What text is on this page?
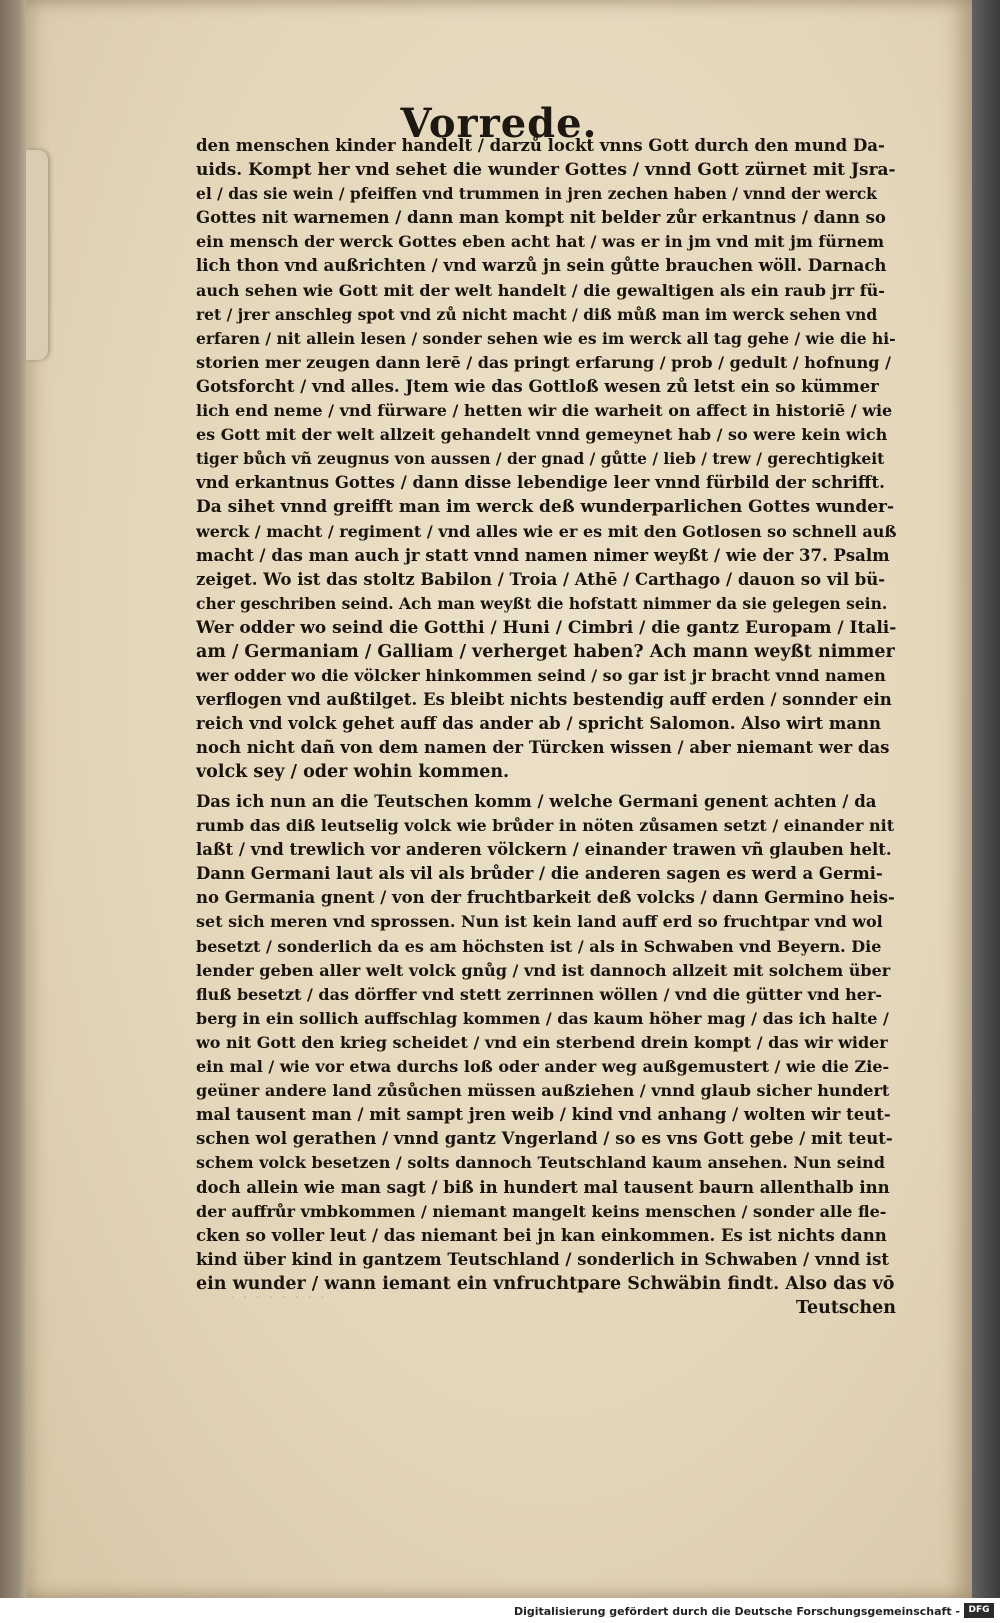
Vorrede.
den menschen kinder handelt / darzů lockt vnns Gott durch den mund Da-
uids. Kompt her vnd sehet die wunder Gottes / vnnd Gott zürnet mit Jsra-
el / das sie wein / pfeiffen vnd trummen in jren zechen haben / vnnd der werck
Gottes nit warnemen / dann man kompt nit belder zůr erkantnus / dann so
ein mensch der werck Gottes eben acht hat / was er in jm vnd mit jm fürnem
lich thon vnd außrichten / vnd warzů jn sein gůtte brauchen wöll. Darnach
auch sehen wie Gott mit der welt handelt / die gewaltigen als ein raub jrr fü-
ret / jrer anschleg spot vnd zů nicht macht / diß můß man im werck sehen vnd
erfaren / nit allein lesen / sonder sehen wie es im werck all tag gehe / wie die hi-
storien mer zeugen dann lerē / das pringt erfarung / prob / gedult / hofnung /
Gotsforcht / vnd alles. Jtem wie das Gottloß wesen zů letst ein so kümmer
lich end neme / vnd fürware / hetten wir die warheit on affect in historiē / wie
es Gott mit der welt allzeit gehandelt vnnd gemeynet hab / so were kein wich
tiger bůch vñ zeugnus von aussen / der gnad / gůtte / lieb / trew / gerechtigkeit
vnd erkantnus Gottes / dann disse lebendige leer vnnd fürbild der schrifft.
Da sihet vnnd greifft man im werck deß wunderparlichen Gottes wunder-
werck / macht / regiment / vnd alles wie er es mit den Gotlosen so schnell auß
macht / das man auch jr statt vnnd namen nimer weyßt / wie der 37. Psalm
zeiget. Wo ist das stoltz Babilon / Troia / Athē / Carthago / dauon so vil bü-
cher geschriben seind. Ach man weyßt die hofstatt nimmer da sie gelegen sein.
Wer odder wo seind die Gotthi / Huni / Cimbri / die gantz Europam / Itali-
am / Germaniam / Galliam / verherget haben? Ach mann weyßt nimmer
wer odder wo die völcker hinkommen seind / so gar ist jr bracht vnnd namen
verflogen vnd außtilget. Es bleibt nichts bestendig auff erden / sonnder ein
reich vnd volck gehet auff das ander ab / spricht Salomon. Also wirt mann
noch nicht dañ von dem namen der Türcken wissen / aber niemant wer das
volck sey / oder wohin kommen.
Das ich nun an die Teutschen komm / welche Germani genent achten / da
rumb das diß leutselig volck wie brůder in nöten zůsamen setzt / einander nit
laßt / vnd trewlich vor anderen völckern / einander trawen vñ glauben helt.
Dann Germani laut als vil als brůder / die anderen sagen es werd a Germi-
no Germania gnent / von der fruchtbarkeit deß volcks / dann Germino heis-
set sich meren vnd sprossen. Nun ist kein land auff erd so fruchtpar vnd wol
besetzt / sonderlich da es am höchsten ist / als in Schwaben vnd Beyern. Die
lender geben aller welt volck gnůg / vnd ist dannoch allzeit mit solchem über
fluß besetzt / das dörffer vnd stett zerrinnen wöllen / vnd die gütter vnd her-
berg in ein sollich auffschlag kommen / das kaum höher mag / das ich halte /
wo nit Gott den krieg scheidet / vnd ein sterbend drein kompt / das wir wider
ein mal / wie vor etwa durchs loß oder ander weg außgemustert / wie die Zie-
geüner andere land zůsůchen müssen außziehen / vnnd glaub sicher hundert
mal tausent man / mit sampt jren weib / kind vnd anhang / wolten wir teut-
schen wol gerathen / vnnd gantz Vngerland / so es vns Gott gebe / mit teut-
schem volck besetzen / solts dannoch Teutschland kaum ansehen. Nun seind
doch allein wie man sagt / biß in hundert mal tausent baurn allenthalb inn
der auffrůr vmbkommen / niemant mangelt keins menschen / sonder alle fle-
cken so voller leut / das niemant bei jn kan einkommen. Es ist nichts dann
kind über kind in gantzem Teutschland / sonderlich in Schwaben / vnnd ist
ein wunder / wann iemant ein vnfruchtpare Schwäbin findt. Also das vō
Teutschen
· · · · · · · ·
Digitalisierung gefördert durch die Deutsche Forschungsgemeinschaft - DFG
